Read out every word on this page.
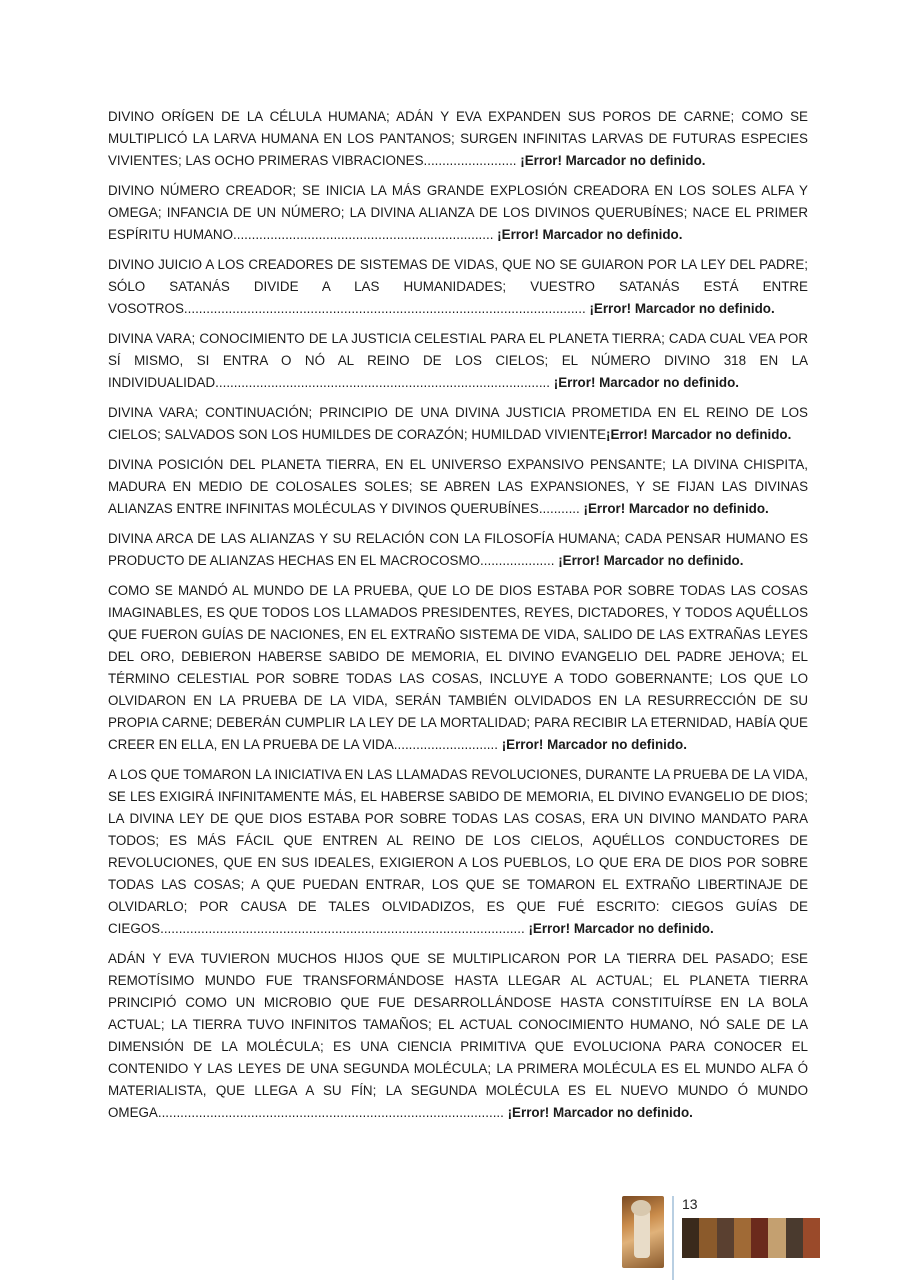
DIVINO ORÍGEN DE LA CÉLULA HUMANA; ADÁN Y EVA EXPANDEN SUS POROS DE CARNE; COMO SE MULTIPLICÓ LA LARVA HUMANA EN LOS PANTANOS; SURGEN INFINITAS LARVAS DE FUTURAS ESPECIES VIVIENTES; LAS OCHO PRIMERAS VIBRACIONES......................... ¡Error! Marcador no definido.

DIVINO NÚMERO CREADOR; SE INICIA LA MÁS GRANDE EXPLOSIÓN CREADORA EN LOS SOLES ALFA Y OMEGA; INFANCIA DE UN NÚMERO; LA DIVINA ALIANZA DE LOS DIVINOS QUERUBÍNES; NACE EL PRIMER ESPÍRITU HUMANO...................................................................... ¡Error! Marcador no definido.

DIVINO JUICIO A LOS CREADORES DE SISTEMAS DE VIDAS, QUE NO SE GUIARON POR LA LEY DEL PADRE; SÓLO SATANÁS DIVIDE A LAS HUMANIDADES; VUESTRO SATANÁS ESTÁ ENTRE VOSOTROS............................................................................................................ ¡Error! Marcador no definido.

DIVINA VARA; CONOCIMIENTO DE LA JUSTICIA CELESTIAL PARA EL PLANETA TIERRA; CADA CUAL VEA POR SÍ MISMO, SI ENTRA O NÓ AL REINO DE LOS CIELOS; EL NÚMERO DIVINO 318 EN LA INDIVIDUALIDAD.......................................................................................... ¡Error! Marcador no definido.

DIVINA VARA; CONTINUACIÓN; PRINCIPIO DE UNA DIVINA JUSTICIA PROMETIDA EN EL REINO DE LOS CIELOS; SALVADOS SON LOS HUMILDES DE CORAZÓN; HUMILDAD VIVIENTE¡Error! Marcador no definido.

DIVINA POSICIÓN DEL PLANETA TIERRA, EN EL UNIVERSO EXPANSIVO PENSANTE; LA DIVINA CHISPITA, MADURA EN MEDIO DE COLOSALES SOLES; SE ABREN LAS EXPANSIONES, Y SE FIJAN LAS DIVINAS ALIANZAS ENTRE INFINITAS MOLÉCULAS Y DIVINOS QUERUBÍNES........... ¡Error! Marcador no definido.

DIVINA ARCA DE LAS ALIANZAS Y SU RELACIÓN CON LA FILOSOFÍA HUMANA; CADA PENSAR HUMANO ES PRODUCTO DE ALIANZAS HECHAS EN EL MACROCOSMO.................... ¡Error! Marcador no definido.

COMO SE MANDÓ AL MUNDO DE LA PRUEBA, QUE LO DE DIOS ESTABA POR SOBRE TODAS LAS COSAS IMAGINABLES, ES QUE TODOS LOS LLAMADOS PRESIDENTES, REYES, DICTADORES, Y TODOS AQUÉLLOS QUE FUERON GUÍAS DE NACIONES, EN EL EXTRAÑO SISTEMA DE VIDA, SALIDO DE LAS EXTRAÑAS LEYES DEL ORO, DEBIERON HABERSE SABIDO DE MEMORIA, EL DIVINO EVANGELIO DEL PADRE JEHOVA; EL TÉRMINO CELESTIAL POR SOBRE TODAS LAS COSAS, INCLUYE A TODO GOBERNANTE; LOS QUE LO OLVIDARON EN LA PRUEBA DE LA VIDA, SERÁN TAMBIÉN OLVIDADOS EN LA RESURRECCIÓN DE SU PROPIA CARNE; DEBERÁN CUMPLIR LA LEY DE LA MORTALIDAD; PARA RECIBIR LA ETERNIDAD, HABÍA QUE CREER EN ELLA, EN LA PRUEBA DE LA VIDA............................ ¡Error! Marcador no definido.

A LOS QUE TOMARON LA INICIATIVA EN LAS LLAMADAS REVOLUCIONES, DURANTE LA PRUEBA DE LA VIDA, SE LES EXIGIRÁ INFINITAMENTE MÁS, EL HABERSE SABIDO DE MEMORIA, EL DIVINO EVANGELIO DE DIOS; LA DIVINA LEY DE QUE DIOS ESTABA POR SOBRE TODAS LAS COSAS, ERA UN DIVINO MANDATO PARA TODOS; ES MÁS FÁCIL QUE ENTREN AL REINO DE LOS CIELOS, AQUÉLLOS CONDUCTORES DE REVOLUCIONES, QUE EN SUS IDEALES, EXIGIERON A LOS PUEBLOS, LO QUE ERA DE DIOS POR SOBRE TODAS LAS COSAS; A QUE PUEDAN ENTRAR, LOS QUE SE TOMARON EL EXTRAÑO LIBERTINAJE DE OLVIDARLO; POR CAUSA DE TALES OLVIDADIZOS, ES QUE FUÉ ESCRITO: CIEGOS GUÍAS DE CIEGOS.................................................................................................. ¡Error! Marcador no definido.

ADÁN Y EVA TUVIERON MUCHOS HIJOS QUE SE MULTIPLICARON POR LA TIERRA DEL PASADO; ESE REMOTÍSIMO MUNDO FUE TRANSFORMÁNDOSE HASTA LLEGAR AL ACTUAL; EL PLANETA TIERRA PRINCIPIÓ COMO UN MICROBIO QUE FUE DESARROLLÁNDOSE HASTA CONSTITUÍRSE EN LA BOLA ACTUAL; LA TIERRA TUVO INFINITOS TAMAÑOS; EL ACTUAL CONOCIMIENTO HUMANO, NÓ SALE DE LA DIMENSIÓN DE LA MOLÉCULA; ES UNA CIENCIA PRIMITIVA QUE EVOLUCIONA PARA CONOCER EL CONTENIDO Y LAS LEYES DE UNA SEGUNDA MOLÉCULA; LA PRIMERA MOLÉCULA ES EL MUNDO ALFA Ó MATERIALISTA, QUE LLEGA A SU FÍN; LA SEGUNDA MOLÉCULA ES EL NUEVO MUNDO Ó MUNDO OMEGA............................................................................................. ¡Error! Marcador no definido.

13
